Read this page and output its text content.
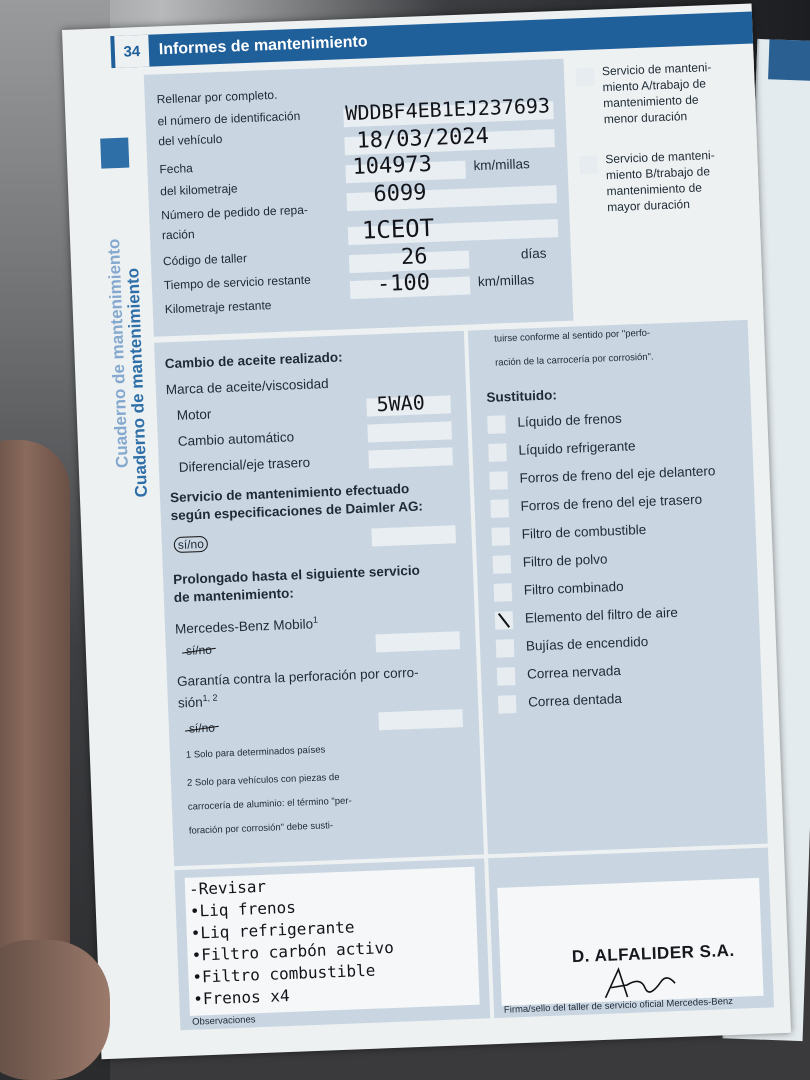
34	Informes de mantenimiento
Cuaderno de mantenimiento
Cuaderno de mantenimiento
Rellenar por completo.
el número de identificación
del vehículo
WDDBF4EB1EJ237693
Fecha
18/03/2024
del kilometraje
104973	km/millas
Número de pedido de repa-
ración
6099
Código de taller
1CEOT
Tiempo de servicio restante
26	días
Kilometraje restante
-100	km/millas
Servicio de manteni-
miento A/trabajo de
mantenimiento de
menor duración
Servicio de manteni-
miento B/trabajo de
mantenimiento de
mayor duración
Cambio de aceite realizado:
Marca de aceite/viscosidad
Motor	5WA0
Cambio automático
Diferencial/eje trasero
Servicio de mantenimiento efectuado
según especificaciones de Daimler AG:
sí/no
Prolongado hasta el siguiente servicio
de mantenimiento:
Mercedes-Benz Mobilo$^1$
sí/no
Garantía contra la perforación por corro-
sión$^{1, 2}$
sí/no
1 Solo para determinados países
2 Solo para vehículos con piezas de
carrocería de aluminio: el término "per-
foración por corrosión" debe susti-
tuirse conforme al sentido por "perfo-
ración de la carrocería por corrosión".
Sustituido:
Líquido de frenos
Líquido refrigerante
Forros de freno del eje delantero
Forros de freno del eje trasero
Filtro de combustible
Filtro de polvo
Filtro combinado
Elemento del filtro de aire
Bujías de encendido
Correa nervada
Correa dentada
-Revisar
•Liq frenos
•Liq refrigerante
•Filtro carbón activo
•Filtro combustible
•Frenos x4
Observaciones
D. ALFALIDER S.A.
Firma/sello del taller de servicio oficial Mercedes-Benz
